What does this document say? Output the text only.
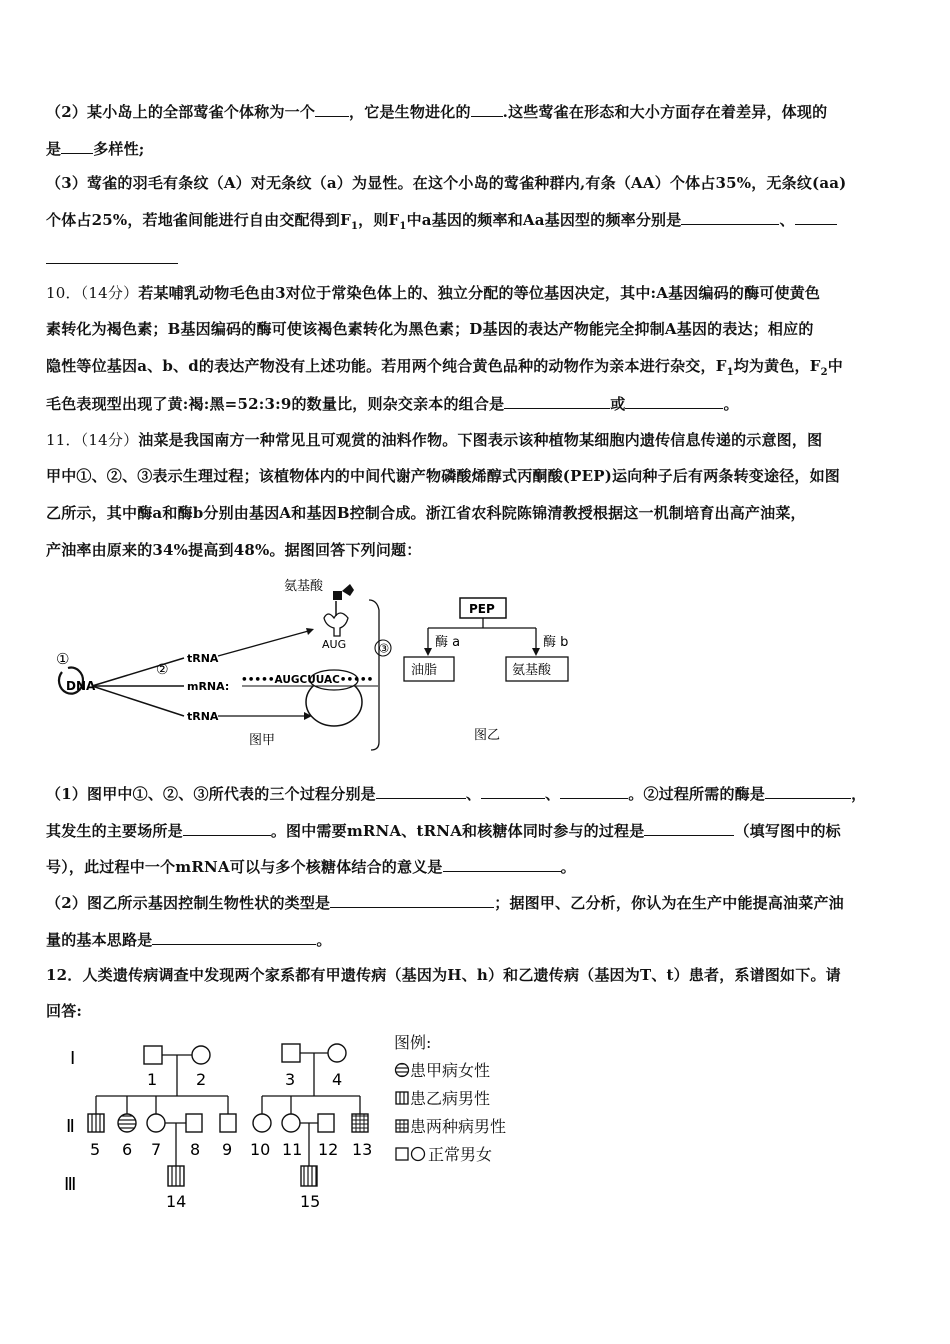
（2）某小岛上的全部莺雀个体称为一个 ，它是生物进化的 .这些莺雀在形态和大小方面存在着差异，体现的
是 多样性;
（3）莺雀的羽毛有条纹（A）对无条纹（a）为显性。在这个小岛的莺雀种群内,有条（AA）个体占35%，无条纹(aa)
个体占25%，若地雀间能进行自由交配得到$F_1$，则$F_1$中a基因的频率和Aa基因型的频率分别是	、
10．（14分）若某哺乳动物毛色由3对位于常染色体上的、独立分配的等位基因决定，其中:A基因编码的酶可使黄色
素转化为褐色素；B基因编码的酶可使该褐色素转化为黑色素；D基因的表达产物能完全抑制A基因的表达；相应的
隐性等位基因a、b、d的表达产物没有上述功能。若用两个纯合黄色品种的动物作为亲本进行杂交，$F_1$均为黄色，$F_2$中
毛色表现型出现了黄:褐:黑=52:3:9的数量比，则杂交亲本的组合是	或	。
11．（14分）油菜是我国南方一种常见且可观赏的油料作物。下图表示该种植物某细胞内遗传信息传递的示意图，图
甲中①、②、③表示生理过程；该植物体内的中间代谢产物磷酸烯醇式丙酮酸(PEP)运向种子后有两条转变途径，如图
乙所示，其中酶a和酶b分别由基因A和基因B控制合成。浙江省农科院陈锦清教授根据这一机制培育出高产油菜，
产油率由原来的34%提高到48%。据图回答下列问题：
氨基酸
AUG	③
①
DNA
②
tRNA
mRNA:
tRNA
•••••AUGCUUAC•••••
图甲
PEP
酶 a	酶 b
油脂	氨基酸
图乙
（1）图甲中①、②、③所代表的三个过程分别是	、	、	。②过程所需的酶是	，
其发生的主要场所是	。图中需要mRNA、tRNA和核糖体同时参与的过程是	（填写图中的标
号），此过程中一个mRNA可以与多个核糖体结合的意义是	。
（2）图乙所示基因控制生物性状的类型是	；据图甲、乙分析，你认为在生产中能提高油菜产油
量的基本思路是	。
12．人类遗传病调查中发现两个家系都有甲遗传病（基因为H、h）和乙遗传病（基因为T、t）患者，系谱图如下。请
回答:
Ⅰ
Ⅱ
Ⅲ
1 2
5 6 7 8 9
14
3 4
10 11 12 13
15
图例:
患甲病女性
患乙病男性
患两种病男性
正常男女
